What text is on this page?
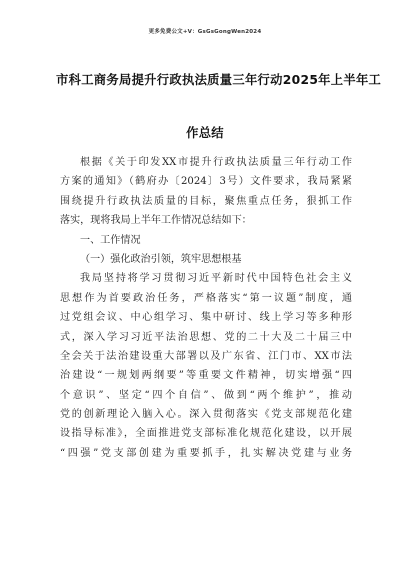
更多免费公文+V：GsGsGongWen2024
市科工商务局提升行政执法质量三年行动2025年上半年工
作总结
根据《关于印发XX市提升行政执法质量三年行动工作
方案的通知》（鹤府办〔2024〕3号）文件要求，我局紧紧
围绕提升行政执法质量的目标，聚焦重点任务，狠抓工作
落实，现将我局上半年工作情况总结如下：
一、工作情况
（一）强化政治引领，筑牢思想根基
我局坚持将学习贯彻习近平新时代中国特色社会主义
思想作为首要政治任务，严格落实“第一议题”制度，通
过党组会议、中心组学习、集中研讨、线上学习等多种形
式，深入学习习近平法治思想、党的二十大及二十届三中
全会关于法治建设重大部署以及广东省、江门市、XX市法
治建设“一规划两纲要”等重要文件精神，切实增强“四
个意识”、坚定“四个自信”、做到“两个维护”，推动
党的创新理论入脑入心。深入贯彻落实《党支部规范化建
设指导标准》，全面推进党支部标准化规范化建设，以开展
“四强”党支部创建为重要抓手，扎实解决党建与业务
